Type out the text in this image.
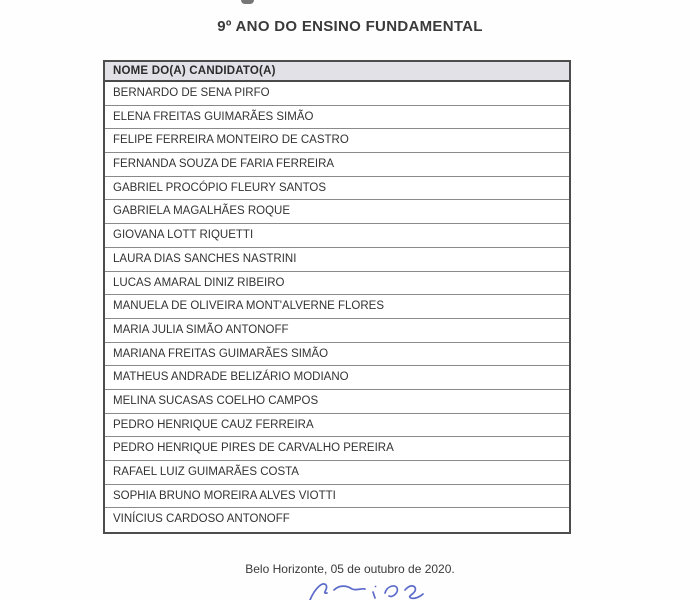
9º ANO DO ENSINO FUNDAMENTAL
NOME DO(A) CANDIDATO(A)
BERNARDO DE SENA PIRFO
ELENA FREITAS GUIMARÃES SIMÃO
FELIPE FERREIRA MONTEIRO DE CASTRO
FERNANDA SOUZA DE FARIA FERREIRA
GABRIEL PROCÓPIO FLEURY SANTOS
GABRIELA MAGALHÃES ROQUE
GIOVANA LOTT RIQUETTI
LAURA DIAS SANCHES NASTRINI
LUCAS AMARAL DINIZ RIBEIRO
MANUELA DE OLIVEIRA MONT'ALVERNE FLORES
MARIA JULIA SIMÃO ANTONOFF
MARIANA FREITAS GUIMARÃES SIMÃO
MATHEUS ANDRADE BELIZÁRIO MODIANO
MELINA SUCASAS COELHO CAMPOS
PEDRO HENRIQUE CAUZ FERREIRA
PEDRO HENRIQUE PIRES DE CARVALHO PEREIRA
RAFAEL LUIZ GUIMARÃES COSTA
SOPHIA BRUNO MOREIRA ALVES VIOTTI
VINÍCIUS CARDOSO ANTONOFF
Belo Horizonte, 05 de outubro de 2020.
